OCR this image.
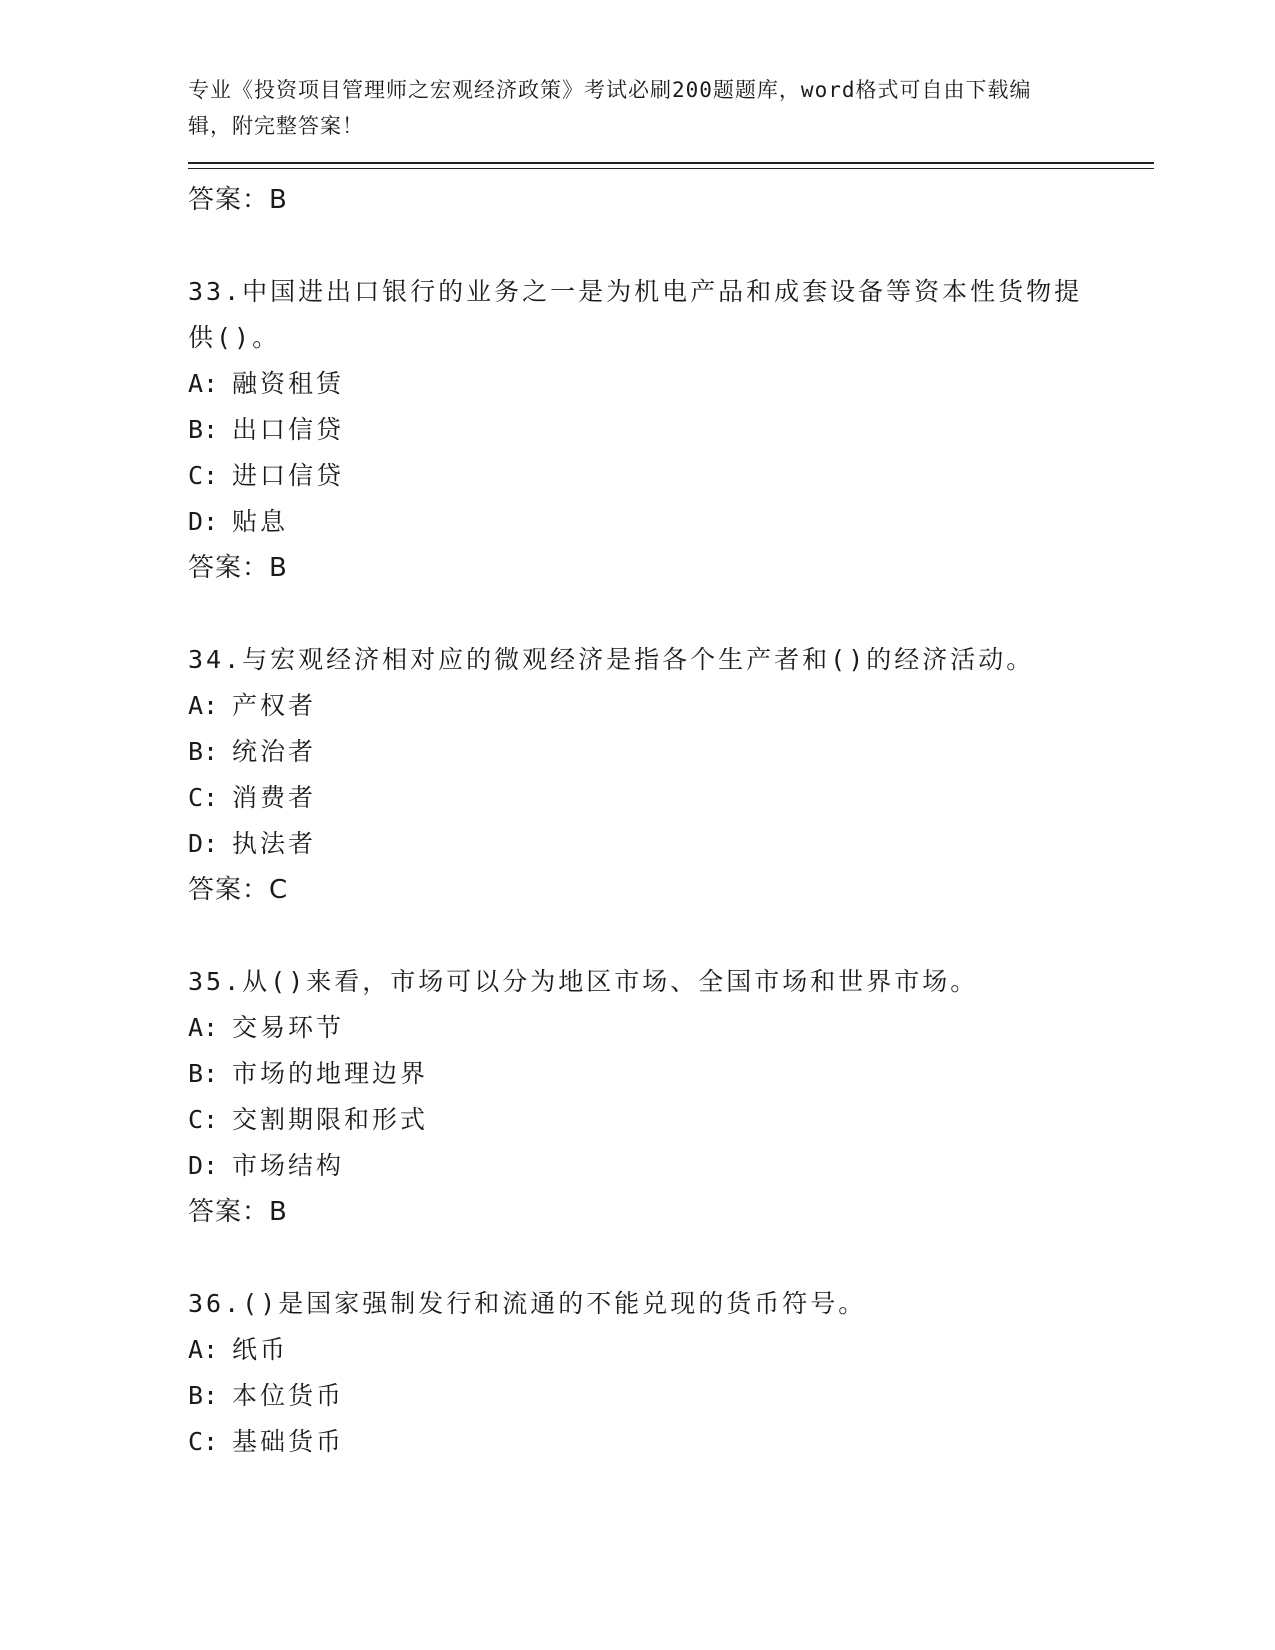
专业《投资项目管理师之宏观经济政策》考试必刷200题题库，word格式可自由下载编辑，附完整答案！
答案：B
33.中国进出口银行的业务之一是为机电产品和成套设备等资本性货物提供()。
A: 融资租赁
B: 出口信贷
C: 进口信贷
D: 贴息
答案：B
34.与宏观经济相对应的微观经济是指各个生产者和()的经济活动。
A: 产权者
B: 统治者
C: 消费者
D: 执法者
答案：C
35.从()来看，市场可以分为地区市场、全国市场和世界市场。
A: 交易环节
B: 市场的地理边界
C: 交割期限和形式
D: 市场结构
答案：B
36.()是国家强制发行和流通的不能兑现的货币符号。
A: 纸币
B: 本位货币
C: 基础货币
